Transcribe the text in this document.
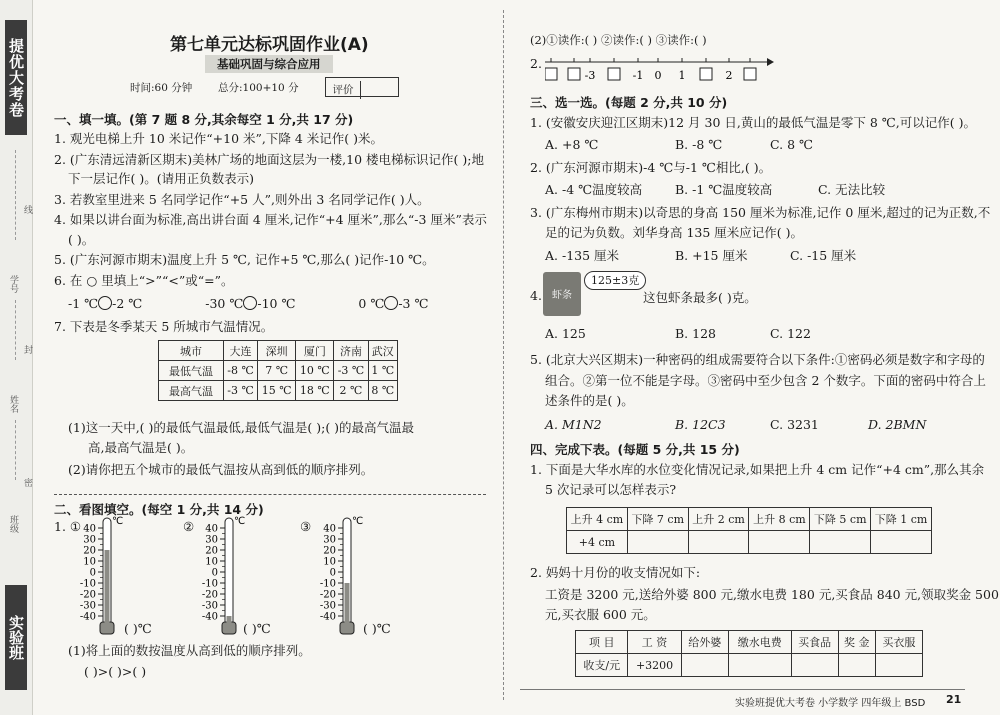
提优大考卷
线
学号
封
姓名
密
班级
实验班
第七单元达标巩固作业(A)
基础巩固与综合应用
时间:60 分钟 总分:100+10 分	评价
一、填一填。(第 7 题 8 分,其余每空 1 分,共 17 分)
1. 观光电梯上升 10 米记作“+10 米”,下降 4 米记作( )米。
2. (广东清远清新区期末)美林广场的地面这层为一楼,10 楼电梯标识记作( );地
下一层记作( )。(请用正负数表示)
3. 若教室里进来 5 名同学记作“+5 人”,则外出 3 名同学记作( )人。
4. 如果以讲台面为标准,高出讲台面 4 厘米,记作“+4 厘米”,那么“-3 厘米”表示
( )。
5. (广东河源市期末)温度上升 5 ℃, 记作+5 ℃,那么( )记作-10 ℃。
6. 在 ○ 里填上“>”“<”或“=”。
-1 ℃ -2 ℃	-30 ℃ -10 ℃	0 ℃ -3 ℃
7. 下表是冬季某天 5 所城市气温情况。
城市	大连	深圳	厦门	济南	武汉
最低气温	-8 ℃	7 ℃	10 ℃	-3 ℃	1 ℃
最高气温	-3 ℃	15 ℃	18 ℃	2 ℃	8 ℃
(1)这一天中,( )的最低气温最低,最低气温是( );( )的最高气温最
高,最高气温是( )。
(2)请你把五个城市的最低气温按从高到低的顺序排列。
二、看图填空。(每空 1 分,共 14 分)
1. ①	②	③
℃
40
30
20
10
0
-10
-20
-30
-40
℃
40
30
20
10
0
-10
-20
-30
-40
℃
40
30
20
10
0
-10
-20
-30
-40
( )℃	( )℃	( )℃
(1)将上面的数按温度从高到低的顺序排列。
( )>( )>( )
(2)①读作:( ) ②读作:( ) ③读作:( )
2.
-3	-1 0 1	2
三、选一选。(每题 2 分,共 10 分)
1. (安徽安庆迎江区期末)12 月 30 日,黄山的最低气温是零下 8 ℃,可以记作( )。
A. +8 ℃	B. -8 ℃	C. 8 ℃
2. (广东河源市期末)-4 ℃与-1 ℃相比,( )。
A. -4 ℃温度较高	B. -1 ℃温度较高	C. 无法比较
3. (广东梅州市期末)以奇思的身高 150 厘米为标准,记作 0 厘米,超过的记为正数,不
足的记为负数。刘华身高 135 厘米应记作( )。
A. -135 厘米	B. +15 厘米	C. -15 厘米
4.	虾条
125±3克
这包虾条最多( )克。
A. 125	B. 128	C. 122
5. (北京大兴区期末)一种密码的组成需要符合以下条件:①密码必须是数字和字母的
组合。②第一位不能是字母。③密码中至少包含 2 个数字。下面的密码中符合上
述条件的是( )。
A. M1N2	B. 12C3	C. 3231	D. 2BMN
四、完成下表。(每题 5 分,共 15 分)
1. 下面是大华水库的水位变化情况记录,如果把上升 4 cm 记作“+4 cm”,那么其余
5 次记录可以怎样表示?
上升 4 cm	下降 7 cm	上升 2 cm	上升 8 cm	下降 5 cm	下降 1 cm
+4 cm					
2. 妈妈十月份的收支情况如下:
工资是 3200 元,送给外婆 800 元,缴水电费 180 元,买食品 840 元,领取奖金 500
元,买衣服 600 元。
项 目	工 资	给外婆	缴水电费	买食品	奖 金	买衣服
收支/元	+3200					
实验班提优大考卷 小学数学 四年级上 BSD 21
